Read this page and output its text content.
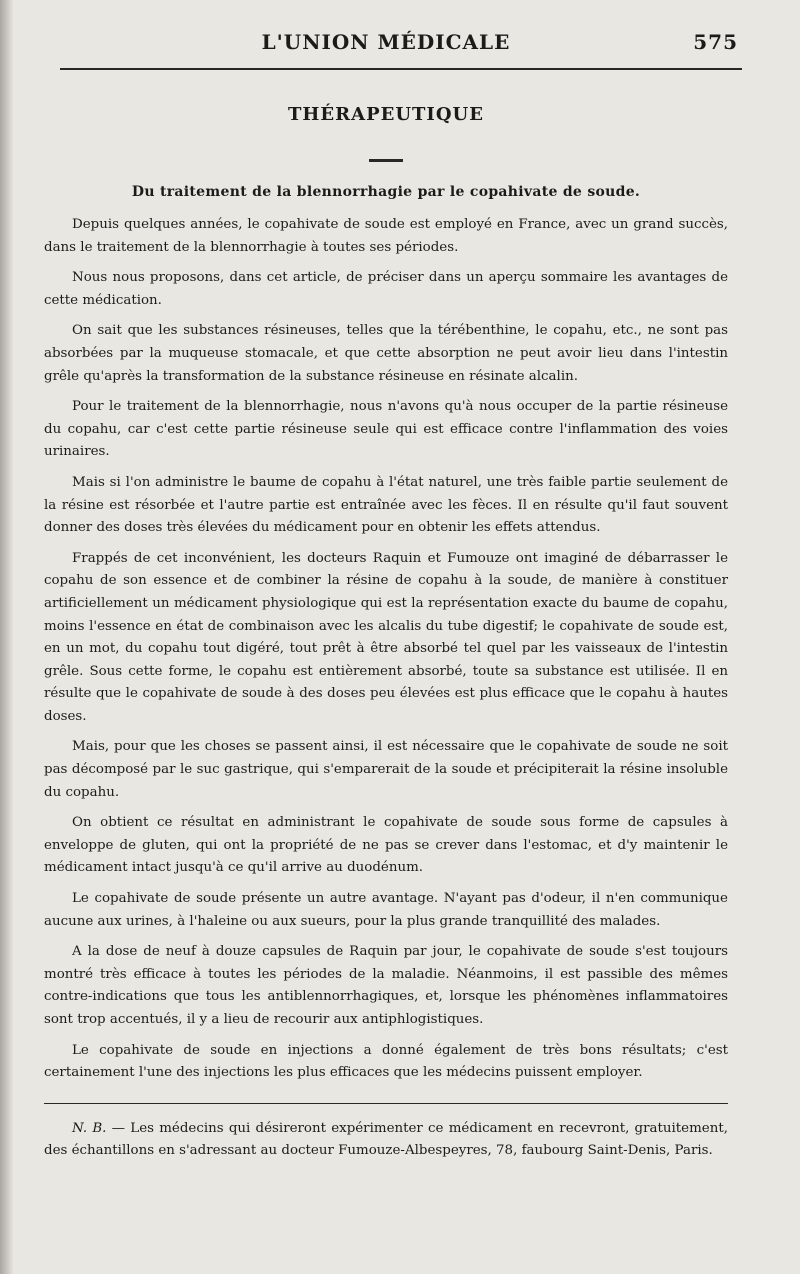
L'UNION MÉDICALE	575
THÉRAPEUTIQUE
Du traitement de la blennorrhagie par le copahivate de soude.

Depuis quelques années, le copahivate de soude est employé en France, avec un grand succès, dans le traitement de la blennorrhagie à toutes ses périodes.

Nous nous proposons, dans cet article, de préciser dans un aperçu sommaire les avantages de cette médication.

On sait que les substances résineuses, telles que la térébenthine, le copahu, etc., ne sont pas absorbées par la muqueuse stomacale, et que cette absorption ne peut avoir lieu dans l'intestin grêle qu'après la transformation de la substance résineuse en résinate alcalin.

Pour le traitement de la blennorrhagie, nous n'avons qu'à nous occuper de la partie résineuse du copahu, car c'est cette partie résineuse seule qui est efficace contre l'inflammation des voies urinaires.

Mais si l'on administre le baume de copahu à l'état naturel, une très faible partie seulement de la résine est résorbée et l'autre partie est entraînée avec les fèces. Il en résulte qu'il faut souvent donner des doses très élevées du médicament pour en obtenir les effets attendus.

Frappés de cet inconvénient, les docteurs Raquin et Fumouze ont imaginé de débarrasser le copahu de son essence et de combiner la résine de copahu à la soude, de manière à constituer artificiellement un médicament physiologique qui est la représentation exacte du baume de copahu, moins l'essence en état de combinaison avec les alcalis du tube digestif; le copahivate de soude est, en un mot, du copahu tout digéré, tout prêt à être absorbé tel quel par les vaisseaux de l'intestin grêle. Sous cette forme, le copahu est entièrement absorbé, toute sa substance est utilisée. Il en résulte que le copahivate de soude à des doses peu élevées est plus efficace que le copahu à hautes doses.

Mais, pour que les choses se passent ainsi, il est nécessaire que le copahivate de soude ne soit pas décomposé par le suc gastrique, qui s'emparerait de la soude et précipiterait la résine insoluble du copahu.

On obtient ce résultat en administrant le copahivate de soude sous forme de capsules à enveloppe de gluten, qui ont la propriété de ne pas se crever dans l'estomac, et d'y maintenir le médicament intact jusqu'à ce qu'il arrive au duodénum.

Le copahivate de soude présente un autre avantage. N'ayant pas d'odeur, il n'en communique aucune aux urines, à l'haleine ou aux sueurs, pour la plus grande tranquillité des malades.

A la dose de neuf à douze capsules de Raquin par jour, le copahivate de soude s'est toujours montré très efficace à toutes les périodes de la maladie. Néanmoins, il est passible des mêmes contre-indications que tous les antiblennorrhagiques, et, lorsque les phénomènes inflammatoires sont trop accentués, il y a lieu de recourir aux antiphlogistiques.

Le copahivate de soude en injections a donné également de très bons résultats; c'est certainement l'une des injections les plus efficaces que les médecins puissent employer.

N. B. — Les médecins qui désireront expérimenter ce médicament en recevront, gratuitement, des échantillons en s'adressant au docteur Fumouze-Albespeyres, 78, faubourg Saint-Denis, Paris.
